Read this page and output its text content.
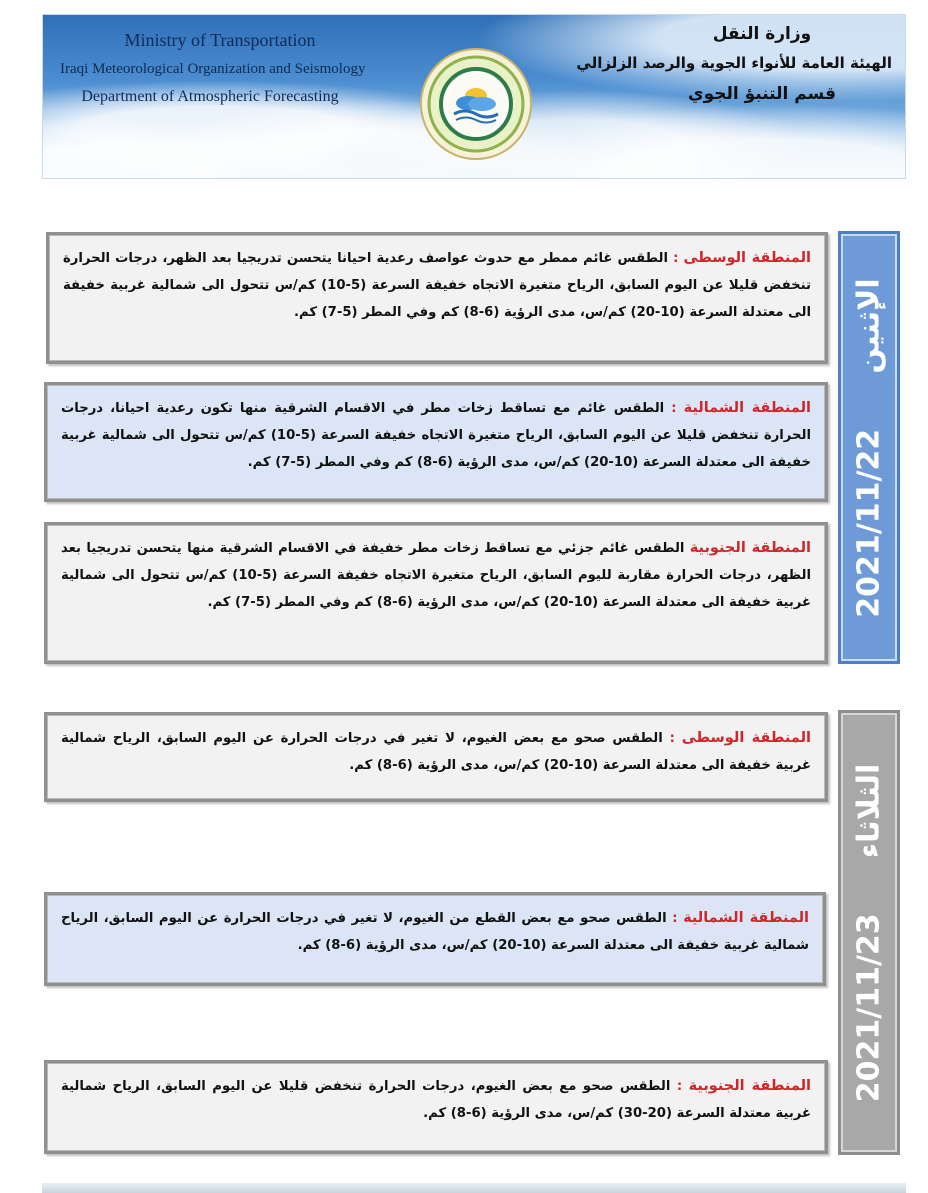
Ministry of Transportation
Iraqi Meteorological Organization and Seismology
Department of Atmospheric Forecasting
وزارة النقل
الهيئة العامة للأنواء الجوية والرصد الزلزالي
قسم التنبؤ الجوي
2021/11/22  الإثنين
المنطقة الوسطى : الطقس غائم ممطر مع حدوث عواصف رعدية احيانا يتحسن تدريجيا بعد الظهر، درجات الحرارة تنخفض قليلا عن اليوم السابق، الرياح متغيرة الاتجاه خفيفة السرعة (5-10) كم/س تتحول الى شمالية غربية خفيفة الى معتدلة السرعة (10-20) كم/س، مدى الرؤية (6-8) كم وفي المطر (5-7) كم.
المنطقة الشمالية : الطقس غائم مع تساقط زخات مطر في الاقسام الشرقية منها تكون رعدية احيانا، درجات الحرارة تنخفض قليلا عن اليوم السابق، الرياح متغيرة الاتجاه خفيفة السرعة (5-10) كم/س تتحول الى شمالية غربية خفيفة الى معتدلة السرعة (10-20) كم/س، مدى الرؤية (6-8) كم وفي المطر (5-7) كم.
المنطقة الجنوبية الطقس غائم جزئي مع تساقط زخات مطر خفيفة في الاقسام الشرقية منها يتحسن تدريجيا بعد الظهر، درجات الحرارة مقاربة لليوم السابق، الرياح متغيرة الاتجاه خفيفة السرعة (5-10) كم/س تتحول الى شمالية غربية خفيفة الى معتدلة السرعة (10-20) كم/س، مدى الرؤية (6-8) كم وفي المطر (5-7) كم.
2021/11/23  الثلاثاء
المنطقة الوسطى : الطقس صحو مع بعض الغيوم، لا تغير في درجات الحرارة عن اليوم السابق، الرياح شمالية غربية خفيفة الى معتدلة السرعة (10-20) كم/س، مدى الرؤية (6-8) كم.
المنطقة الشمالية : الطقس صحو مع بعض القطع من الغيوم، لا تغير في درجات الحرارة عن اليوم السابق، الرياح شمالية غربية خفيفة الى معتدلة السرعة (10-20) كم/س، مدى الرؤية (6-8) كم.
المنطقة الجنوبية : الطقس صحو مع بعض الغيوم، درجات الحرارة تنخفض قليلا عن اليوم السابق، الرياح شمالية غربية معتدلة السرعة (20-30) كم/س، مدى الرؤية (6-8) كم.
